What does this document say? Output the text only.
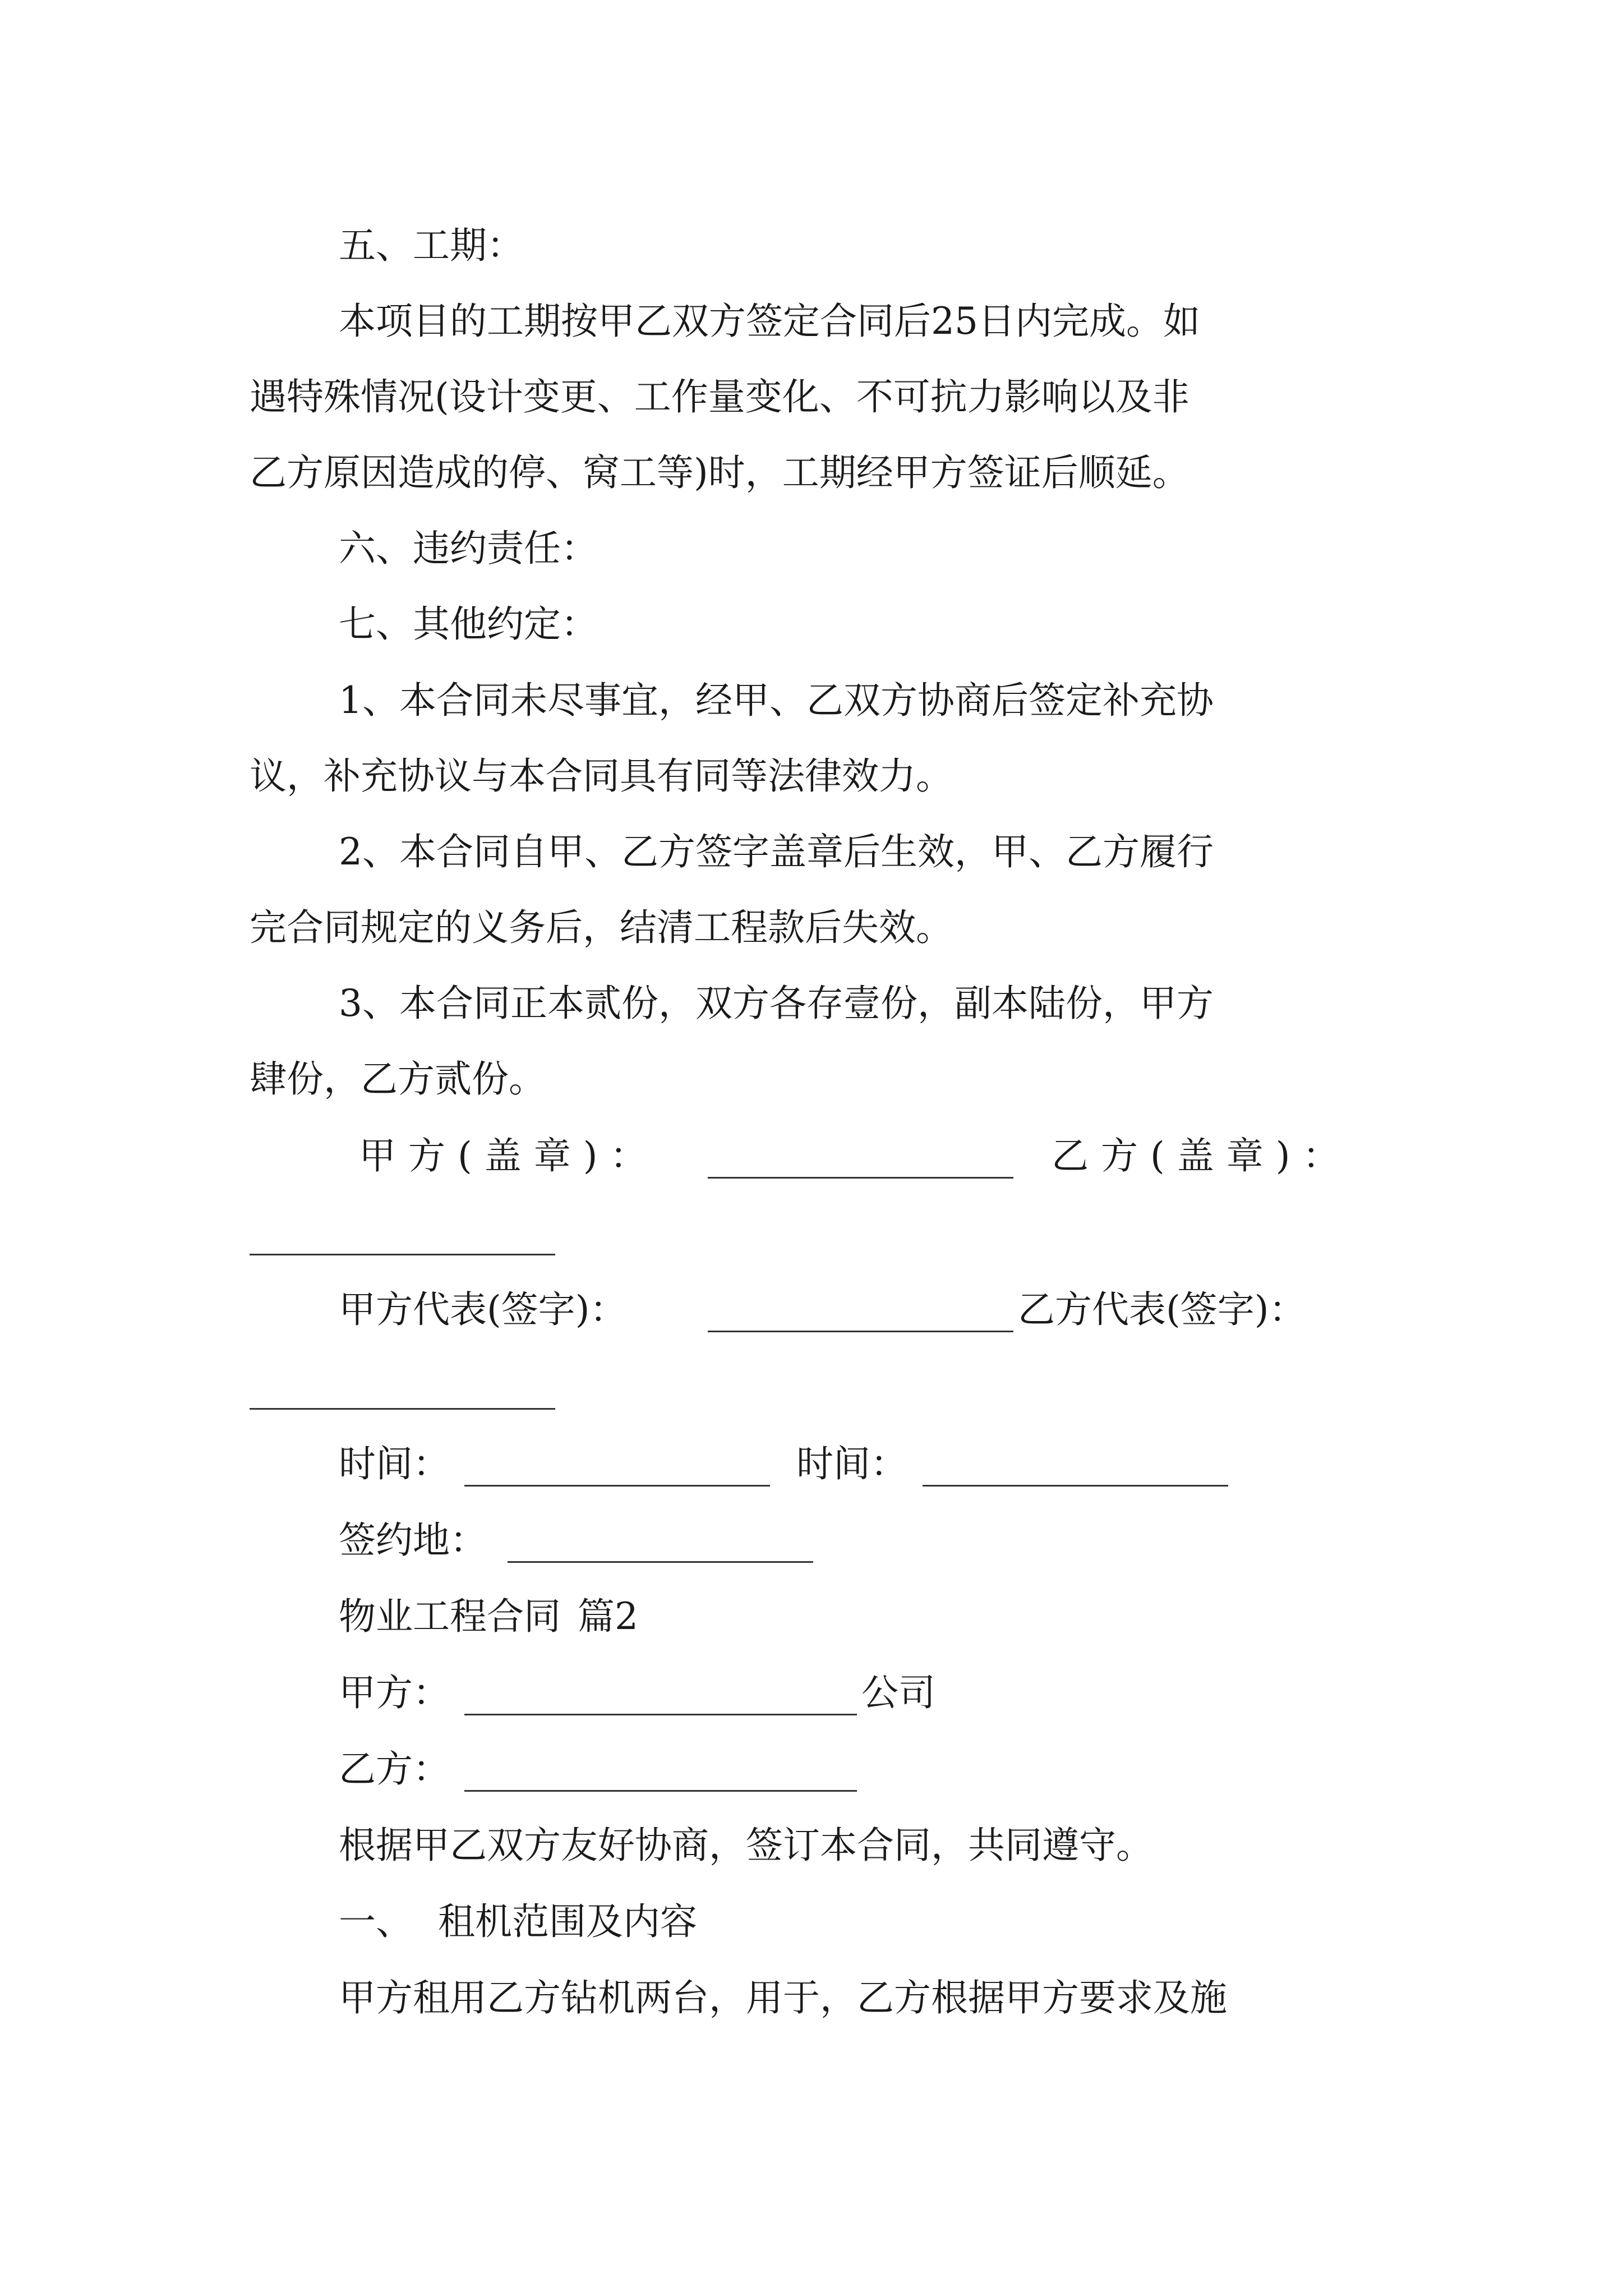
五、工期：
本项目的工期按甲乙双方签定合同后25日内完成。如
遇特殊情况(设计变更、工作量变化、不可抗力影响以及非
乙方原因造成的停、窝工等)时，工期经甲方签证后顺延。
六、违约责任：
七、其他约定：
1、本合同未尽事宜，经甲、乙双方协商后签定补充协
议，补充协议与本合同具有同等法律效力。
2、本合同自甲、乙方签字盖章后生效，甲、乙方履行
完合同规定的义务后，结清工程款后失效。
3、本合同正本贰份，双方各存壹份，副本陆份，甲方
肆份，乙方贰份。
甲方(盖章)：	乙方(盖章)：
甲方代表(签字)：	乙方代表(签字)：
时间：	时间：
签约地：
物业工程合同 篇2
甲方：	公司
乙方：
根据甲乙双方友好协商，签订本合同，共同遵守。
一、 租机范围及内容
甲方租用乙方钻机两台，用于，乙方根据甲方要求及施
